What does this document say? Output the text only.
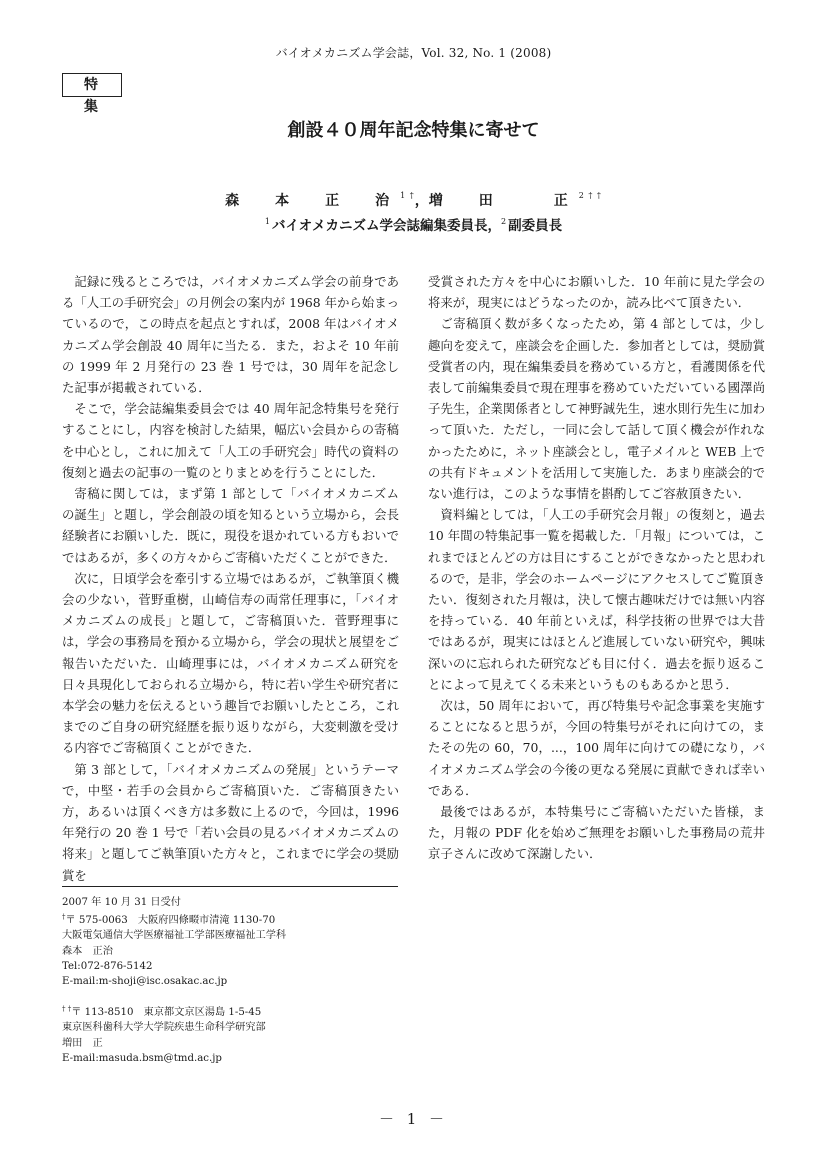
バイオメカニズム学会誌，Vol. 32, No. 1 (2008)
特　集
創設４０周年記念特集に寄せて
森　本　正　治$^{1 \dagger}$，増　田　　正$^{2 \dagger \dagger}$
$^1$ バイオメカニズム学会誌編集委員長，$^2$ 副委員長

記録に残るところでは，バイオメカニズム学会の前身である「人工の手研究会」の月例会の案内が 1968 年から始まっているので，この時点を起点とすれば，2008 年はバイオメカニズム学会創設 40 周年に当たる．また，およそ 10 年前の 1999 年 2 月発行の 23 巻 1 号では，30 周年を記念した記事が掲載されている．

そこで，学会誌編集委員会では 40 周年記念特集号を発行することにし，内容を検討した結果，幅広い会員からの寄稿を中心とし，これに加えて「人工の手研究会」時代の資料の復刻と過去の記事の一覧のとりまとめを行うことにした．

寄稿に関しては，まず第 1 部として「バイオメカニズムの誕生」と題し，学会創設の頃を知るという立場から，会長経験者にお願いした．既に，現役を退かれている方もおいでではあるが，多くの方々からご寄稿いただくことができた．

次に，日頃学会を牽引する立場ではあるが，ご執筆頂く機会の少ない，菅野重樹，山崎信寿の両常任理事に，「バイオメカニズムの成長」と題して，ご寄稿頂いた．菅野理事には，学会の事務局を預かる立場から，学会の現状と展望をご報告いただいた．山崎理事には，バイオメカニズム研究を日々具現化しておられる立場から，特に若い学生や研究者に本学会の魅力を伝えるという趣旨でお願いしたところ，これまでのご自身の研究経歴を振り返りながら，大変刺激を受ける内容でご寄稿頂くことができた．

第 3 部として，「バイオメカニズムの発展」というテーマで，中堅・若手の会員からご寄稿頂いた．ご寄稿頂きたい方，あるいは頂くべき方は多数に上るので，今回は，1996 年発行の 20 巻 1 号で「若い会員の見るバイオメカニズムの将来」と題してご執筆頂いた方々と，これまでに学会の奨励賞を

受賞された方々を中心にお願いした．10 年前に見た学会の将来が，現実にはどうなったのか，読み比べて頂きたい．

ご寄稿頂く数が多くなったため，第 4 部としては，少し趣向を変えて，座談会を企画した．参加者としては，奨励賞受賞者の内，現在編集委員を務めている方と，看護関係を代表して前編集委員で現在理事を務めていただいている國澤尚子先生，企業関係者として神野誠先生，速水則行先生に加わって頂いた．ただし，一同に会して話して頂く機会が作れなかったために，ネット座談会とし，電子メイルと WEB 上での共有ドキュメントを活用して実施した．あまり座談会的でない進行は，このような事情を斟酌してご容赦頂きたい．

資料編としては，「人工の手研究会月報」の復刻と，過去 10 年間の特集記事一覧を掲載した．「月報」については，これまでほとんどの方は目にすることができなかったと思われるので，是非，学会のホームページにアクセスしてご覧頂きたい．復刻された月報は，決して懐古趣味だけでは無い内容を持っている．40 年前といえば，科学技術の世界では大昔ではあるが，現実にはほとんど進展していない研究や，興味深いのに忘れられた研究なども目に付く．過去を振り返ることによって見えてくる未来というものもあるかと思う．

次は，50 周年において，再び特集号や記念事業を実施することになると思うが，今回の特集号がそれに向けての，またその先の 60，70，...，100 周年に向けての礎になり，バイオメカニズム学会の今後の更なる発展に貢献できれば幸いである．

最後ではあるが，本特集号にご寄稿いただいた皆様，また，月報の PDF 化を始めご無理をお願いした事務局の荒井京子さんに改めて深謝したい．

2007 年 10 月 31 日受付
†〒 575-0063　大阪府四條畷市清滝 1130-70
大阪電気通信大学医療福祉工学部医療福祉工学科
森本　正治
Tel:072-876-5142
E-mail:m-shoji@isc.osakac.ac.jp
† †〒 113-8510　東京都文京区湯島 1-5-45
東京医科歯科大学大学院疾患生命科学研究部
増田　正
E-mail:masuda.bsm@tmd.ac.jp
－ 1 －
